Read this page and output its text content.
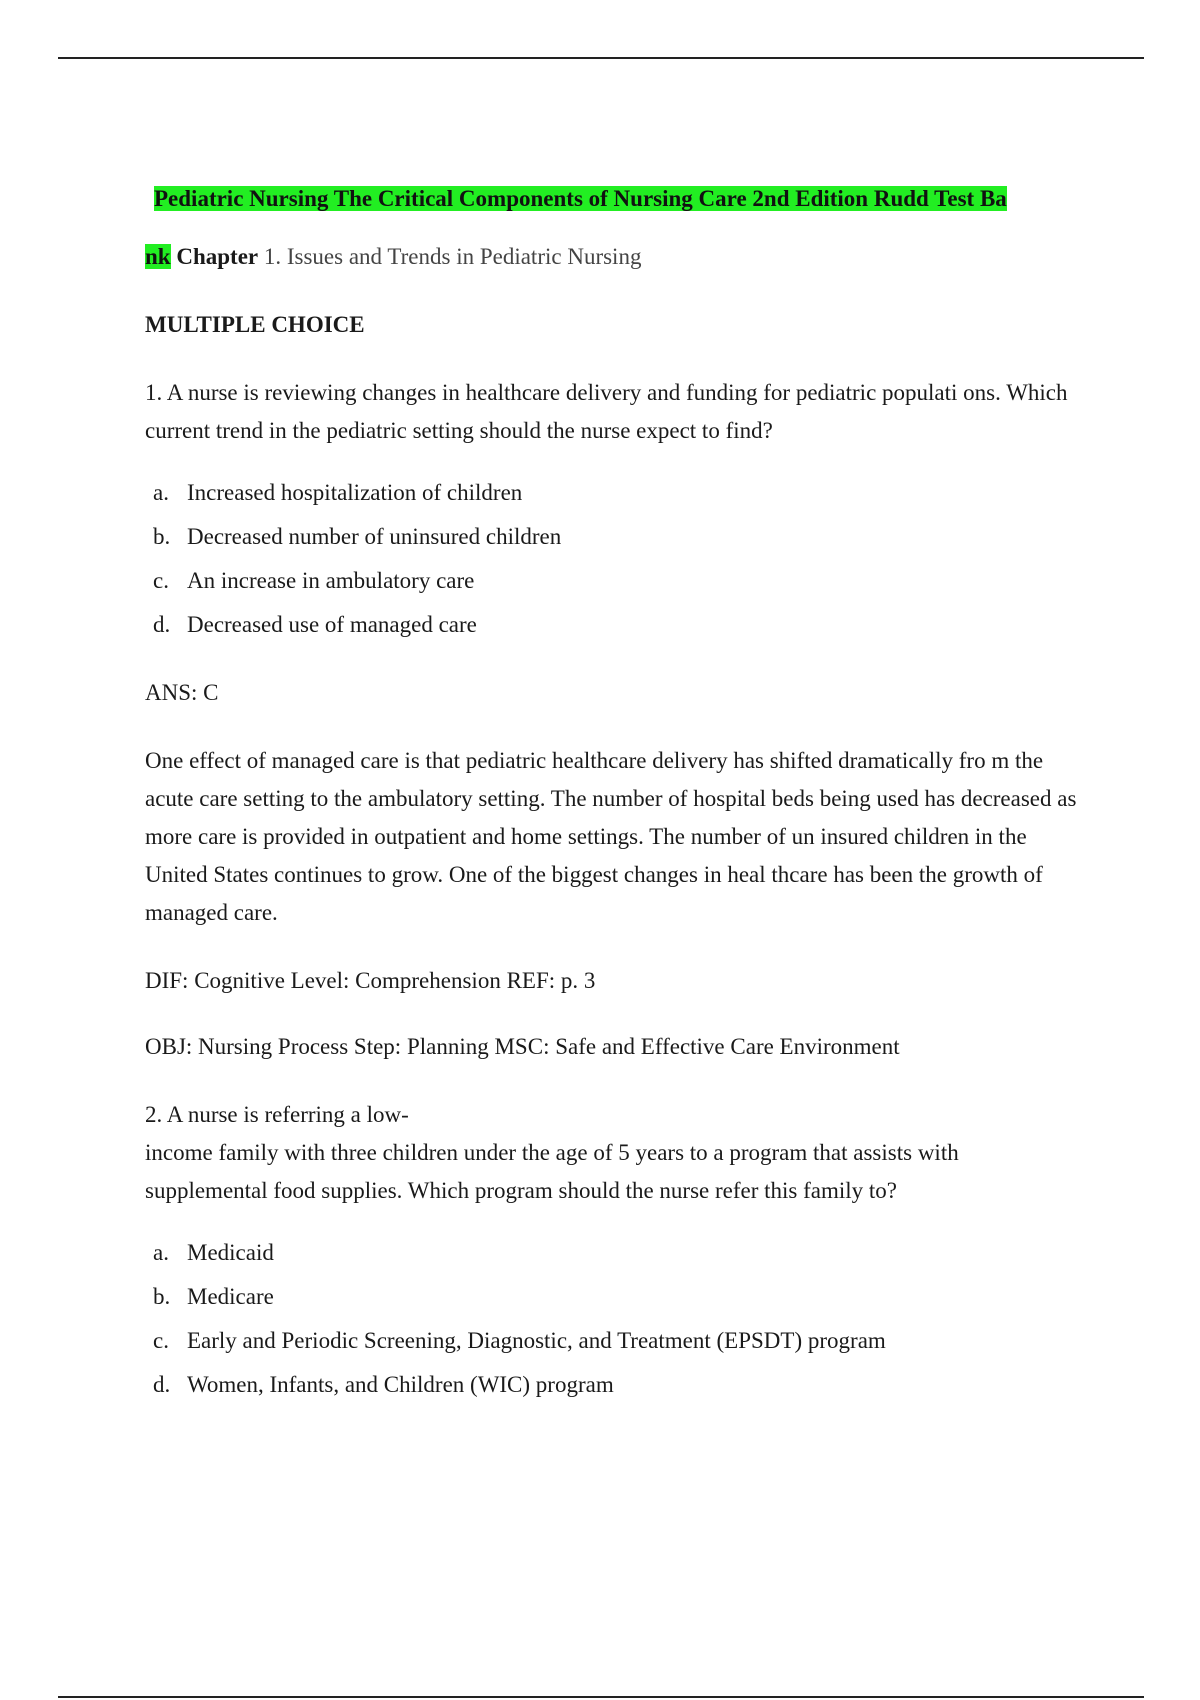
Pediatric Nursing The Critical Components of Nursing Care 2nd Edition Rudd Test Ba
nk Chapter 1. Issues and Trends in Pediatric Nursing
MULTIPLE CHOICE
1. A nurse is reviewing changes in healthcare delivery and funding for pediatric populati ons. Which current trend in the pediatric setting should the nurse expect to find?
a. Increased hospitalization of children
b. Decreased number of uninsured children
c. An increase in ambulatory care
d. Decreased use of managed care
ANS: C
One effect of managed care is that pediatric healthcare delivery has shifted dramatically fro m the acute care setting to the ambulatory setting. The number of hospital beds being used has decreased as more care is provided in outpatient and home settings. The number of un insured children in the United States continues to grow. One of the biggest changes in heal thcare has been the growth of managed care.
DIF: Cognitive Level: Comprehension REF: p. 3
OBJ: Nursing Process Step: Planning MSC: Safe and Effective Care Environment
2. A nurse is referring a low-
income family with three children under the age of 5 years to a program that assists with supplemental food supplies. Which program should the nurse refer this family to?
a. Medicaid
b. Medicare
c. Early and Periodic Screening, Diagnostic, and Treatment (EPSDT) program
d. Women, Infants, and Children (WIC) program
